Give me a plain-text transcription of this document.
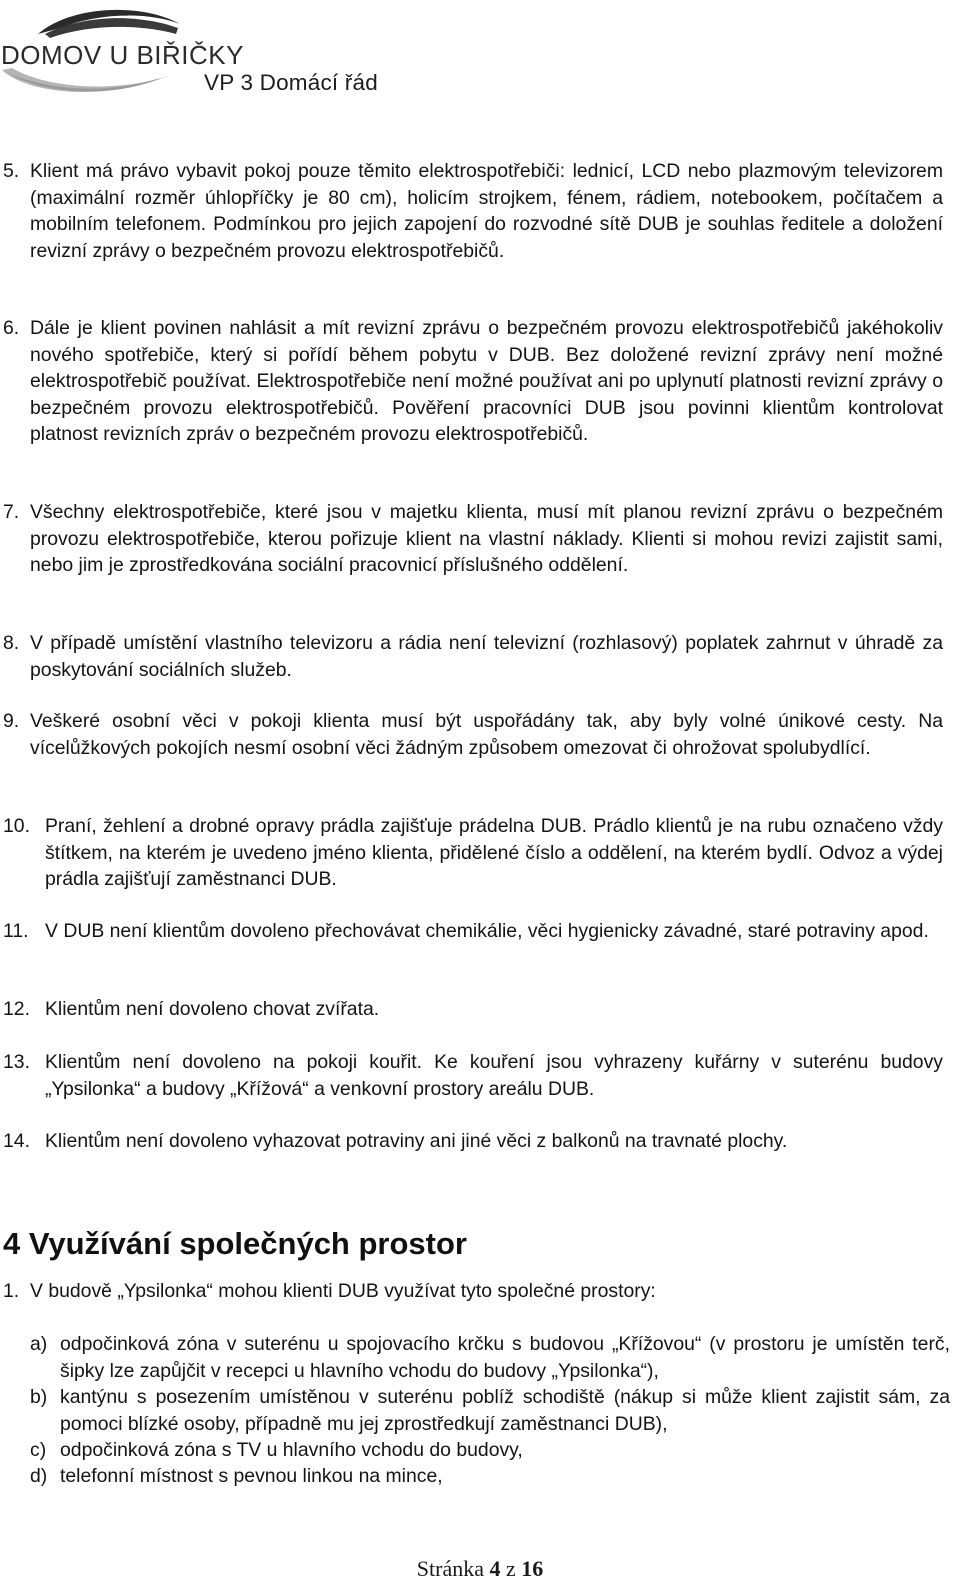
DOMOV U BIŘIČKY
VP 3 Domácí řád
5. Klient má právo vybavit pokoj pouze těmito elektrospotřebiči: lednicí, LCD nebo plazmovým televizorem (maximální rozměr úhlopříčky je 80 cm), holicím strojkem, fénem, rádiem, notebookem, počítačem a mobilním telefonem. Podmínkou pro jejich zapojení do rozvodné sítě DUB je souhlas ředitele a doložení revizní zprávy o bezpečném provozu elektrospotřebičů.
6. Dále je klient povinen nahlásit a mít revizní zprávu o bezpečném provozu elektrospotřebičů jakéhokoliv nového spotřebiče, který si pořídí během pobytu v DUB. Bez doložené revizní zprávy není možné elektrospotřebič používat. Elektrospotřebiče není možné používat ani po uplynutí platnosti revizní zprávy o bezpečném provozu elektrospotřebičů. Pověření pracovníci DUB jsou povinni klientům kontrolovat platnost revizních zpráv o bezpečném provozu elektrospotřebičů.
7. Všechny elektrospotřebiče, které jsou v majetku klienta, musí mít planou revizní zprávu o bezpečném provozu elektrospotřebiče, kterou pořizuje klient na vlastní náklady. Klienti si mohou revizi zajistit sami, nebo jim je zprostředkována sociální pracovnicí příslušného oddělení.
8. V případě umístění vlastního televizoru a rádia není televizní (rozhlasový) poplatek zahrnut v úhradě za poskytování sociálních služeb.
9. Veškeré osobní věci v pokoji klienta musí být uspořádány tak, aby byly volné únikové cesty. Na vícelůžkových pokojích nesmí osobní věci žádným způsobem omezovat či ohrožovat spolubydlící.
10. Praní, žehlení a drobné opravy prádla zajišťuje prádelna DUB. Prádlo klientů je na rubu označeno vždy štítkem, na kterém je uvedeno jméno klienta, přidělené číslo a oddělení, na kterém bydlí. Odvoz a výdej prádla zajišťují zaměstnanci DUB.
11. V DUB není klientům dovoleno přechovávat chemikálie, věci hygienicky závadné, staré potraviny apod.
12. Klientům není dovoleno chovat zvířata.
13. Klientům není dovoleno na pokoji kouřit. Ke kouření jsou vyhrazeny kuřárny v suterénu budovy „Ypsilonka“ a budovy „Křížová“ a venkovní prostory areálu DUB.
14. Klientům není dovoleno vyhazovat potraviny ani jiné věci z balkonů na travnaté plochy.
4 Využívání společných prostor
1. V budově „Ypsilonka“ mohou klienti DUB využívat tyto společné prostory:
a) odpočinková zóna v suterénu u spojovacího krčku s budovou „Křížovou“ (v prostoru je umístěn terč, šipky lze zapůjčit v recepci u hlavního vchodu do budovy „Ypsilonka“),
b) kantýnu s posezením umístěnou v suterénu poblíž schodiště (nákup si může klient zajistit sám, za pomoci blízké osoby, případně mu jej zprostředkují zaměstnanci DUB),
c) odpočinková zóna s TV u hlavního vchodu do budovy,
d) telefonní místnost s pevnou linkou na mince,
Stránka 4 z 16
